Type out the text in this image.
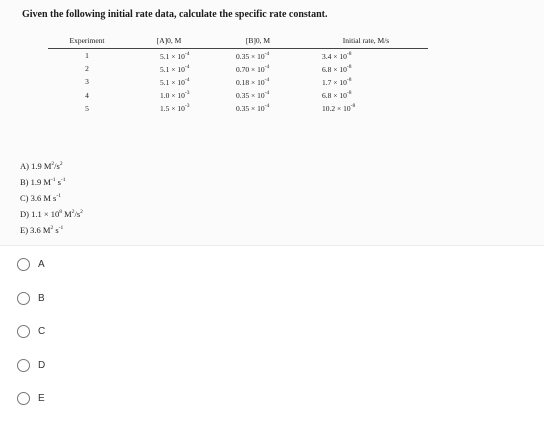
Given the following initial rate data, calculate the specific rate constant.
Experiment	[A]0, M	[B]0, M	Initial rate, M/s
1	$5.1 \times 10^{-4}$	$0.35 \times 10^{-4}$	$3.4 \times 10^{-8}$
2	$5.1 \times 10^{-4}$	$0.70 \times 10^{-4}$	$6.8 \times 10^{-8}$
3	$5.1 \times 10^{-4}$	$0.18 \times 10^{-4}$	$1.7 \times 10^{-8}$
4	$1.0 \times 10^{-3}$	$0.35 \times 10^{-4}$	$6.8 \times 10^{-8}$
5	$1.5 \times 10^{-3}$	$0.35 \times 10^{-4}$	$10.2 \times 10^{-8}$
A) 1.9 $M^2/s^2$
B) 1.9 $M^{-1}$ $s^{-1}$
C) 3.6 M $s^{-1}$
D) $1.1 \times 10^8$ $M^2/s^2$
E) 3.6 $M^2$ $s^{-1}$
A
B
C
D
E
